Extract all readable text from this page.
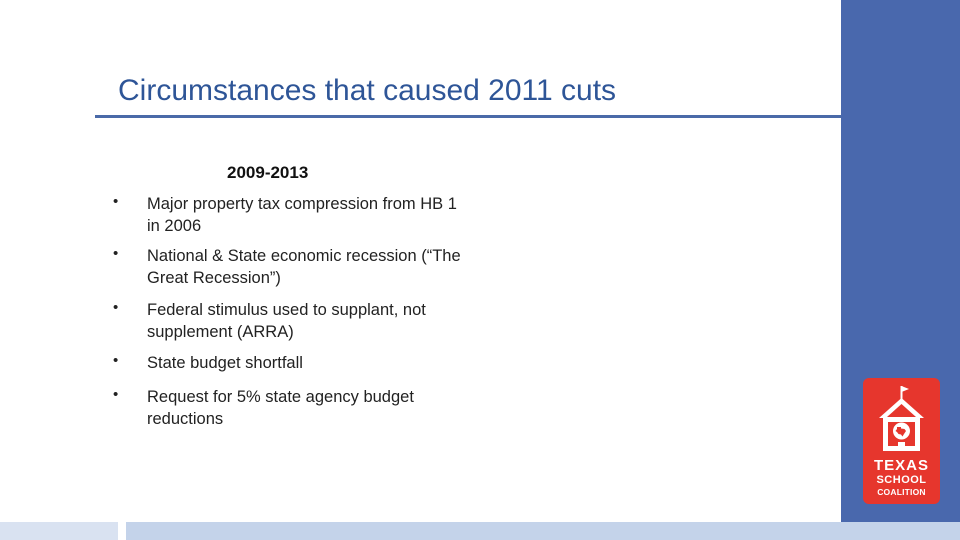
Circumstances that caused 2011 cuts
2009-2013
• Major property tax compression from HB 1 in 2006
• National & State economic recession (“The Great Recession”)
• Federal stimulus used to supplant, not supplement (ARRA)
• State budget shortfall
• Request for 5% state agency budget reductions
TEXAS
SCHOOL
COALITION
